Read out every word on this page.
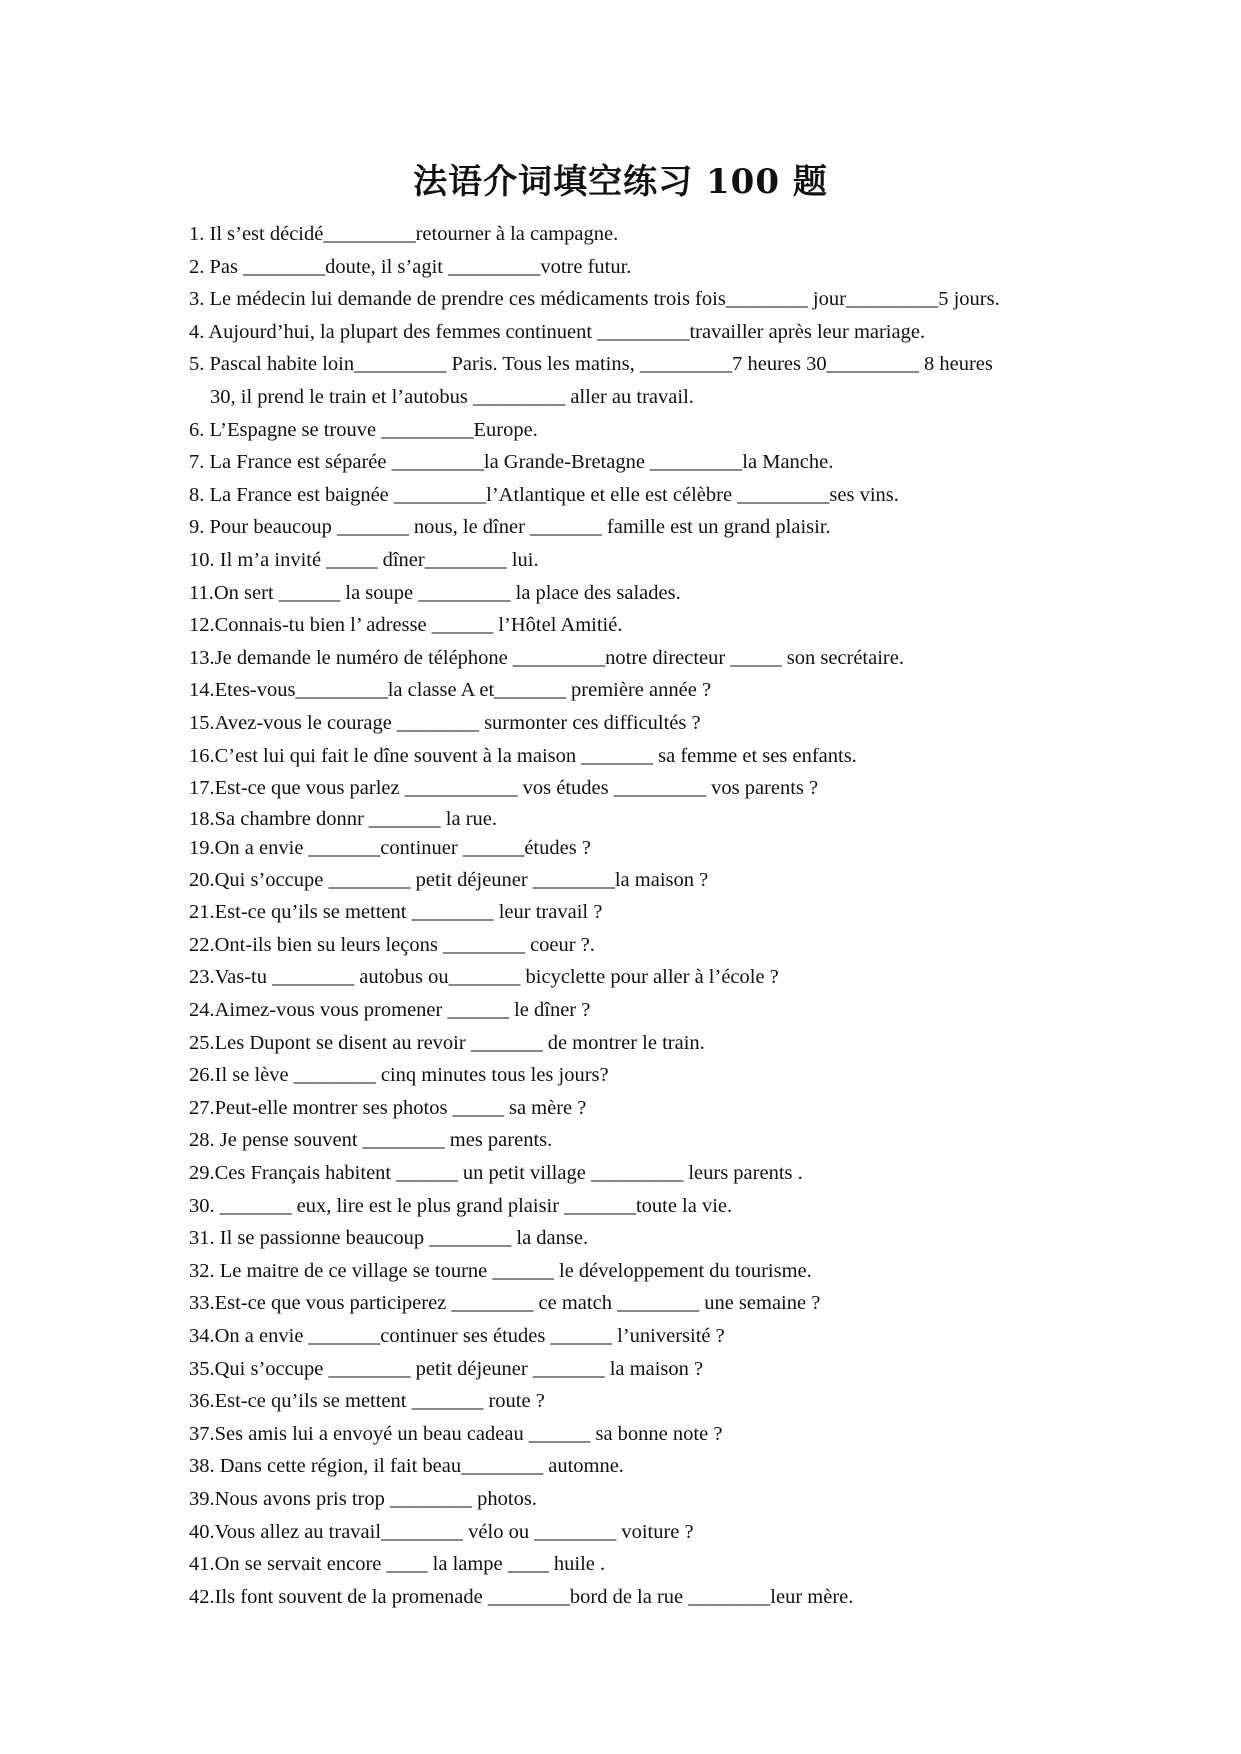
法语介词填空练习 100 题
1. Il s’est décidé_________retourner à la campagne.
2. Pas ________doute, il s’agit _________votre futur.
3. Le médecin lui demande de prendre ces médicaments trois fois________ jour_________5 jours.
4. Aujourd’hui, la plupart des femmes continuent _________travailler après leur mariage.
5. Pascal habite loin_________ Paris. Tous les matins, _________7 heures 30_________ 8 heures
30, il prend le train et l’autobus _________ aller au travail.
6. L’Espagne se trouve _________Europe.
7. La France est séparée _________la Grande-Bretagne _________la Manche.
8. La France est baignée _________l’Atlantique et elle est célèbre _________ses vins.
9. Pour beaucoup _______ nous, le dîner _______ famille est un grand plaisir.
10. Il m’a invité _____ dîner________ lui.
11.On sert ______ la soupe _________ la place des salades.
12.Connais-tu bien l’ adresse ______ l’Hôtel Amitié.
13.Je demande le numéro de téléphone _________notre directeur _____ son secrétaire.
14.Etes-vous_________la classe A et_______ première année ?
15.Avez-vous le courage ________ surmonter ces difficultés ?
16.C’est lui qui fait le dîne souvent à la maison _______ sa femme et ses enfants.
17.Est-ce que vous parlez ___________ vos études _________ vos parents ?
18.Sa chambre donnr _______ la rue.
19.On a envie _______continuer ______études ?
20.Qui s’occupe ________ petit déjeuner ________la maison ?
21.Est-ce qu’ils se mettent ________ leur travail ?
22.Ont-ils bien su leurs leçons ________ coeur ?.
23.Vas-tu ________ autobus ou_______ bicyclette pour aller à l’école ?
24.Aimez-vous vous promener ______ le dîner ?
25.Les Dupont se disent au revoir _______ de montrer le train.
26.Il se lève ________ cinq minutes tous les jours?
27.Peut-elle montrer ses photos _____ sa mère ?
28. Je pense souvent ________ mes parents.
29.Ces Français habitent ______ un petit village _________ leurs parents .
30. _______ eux, lire est le plus grand plaisir _______toute la vie.
31. Il se passionne beaucoup ________ la danse.
32. Le maitre de ce village se tourne ______ le développement du tourisme.
33.Est-ce que vous participerez ________ ce match ________ une semaine ?
34.On a envie _______continuer ses études ______ l’université ?
35.Qui s’occupe ________ petit déjeuner _______ la maison ?
36.Est-ce qu’ils se mettent _______ route ?
37.Ses amis lui a envoyé un beau cadeau ______ sa bonne note ?
38. Dans cette région, il fait beau________ automne.
39.Nous avons pris trop ________ photos.
40.Vous allez au travail________ vélo ou ________ voiture ?
41.On se servait encore ____ la lampe ____ huile .
42.Ils font souvent de la promenade ________bord de la rue ________leur mère.
